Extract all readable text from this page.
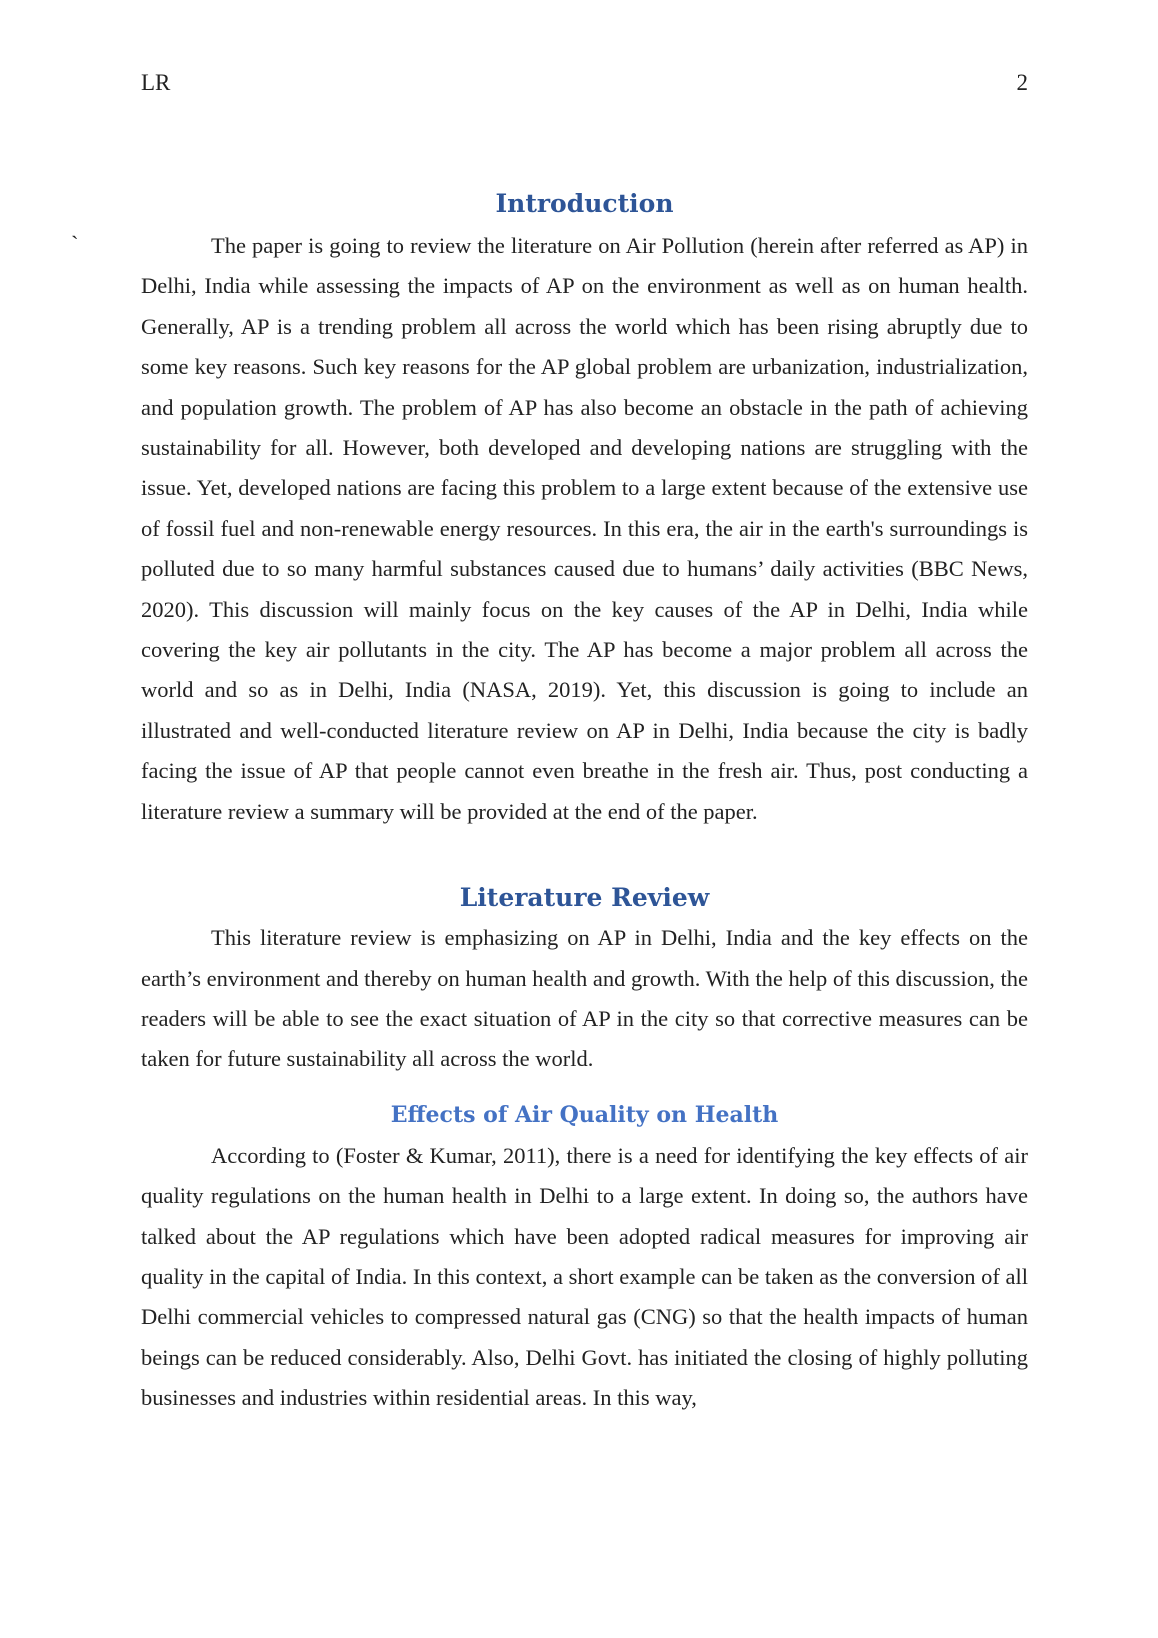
LR	2
Introduction

`	The paper is going to review the literature on Air Pollution (herein after referred as AP) in Delhi, India while assessing the impacts of AP on the environment as well as on human health. Generally, AP is a trending problem all across the world which has been rising abruptly due to some key reasons. Such key reasons for the AP global problem are urbanization, industrialization, and population growth. The problem of AP has also become an obstacle in the path of achieving sustainability for all. However, both developed and developing nations are struggling with the issue. Yet, developed nations are facing this problem to a large extent because of the extensive use of fossil fuel and non-renewable energy resources. In this era, the air in the earth's surroundings is polluted due to so many harmful substances caused due to humans’ daily activities (BBC News, 2020). This discussion will mainly focus on the key causes of the AP in Delhi, India while covering the key air pollutants in the city. The AP has become a major problem all across the world and so as in Delhi, India (NASA, 2019). Yet, this discussion is going to include an illustrated and well-conducted literature review on AP in Delhi, India because the city is badly facing the issue of AP that people cannot even breathe in the fresh air. Thus, post conducting a literature review a summary will be provided at the end of the paper.

Literature Review

This literature review is emphasizing on AP in Delhi, India and the key effects on the earth’s environment and thereby on human health and growth. With the help of this discussion, the readers will be able to see the exact situation of AP in the city so that corrective measures can be taken for future sustainability all across the world.

Effects of Air Quality on Health

According to (Foster & Kumar, 2011), there is a need for identifying the key effects of air quality regulations on the human health in Delhi to a large extent. In doing so, the authors have talked about the AP regulations which have been adopted radical measures for improving air quality in the capital of India. In this context, a short example can be taken as the conversion of all Delhi commercial vehicles to compressed natural gas (CNG) so that the health impacts of human beings can be reduced considerably. Also, Delhi Govt. has initiated the closing of highly polluting businesses and industries within residential areas. In this way,
